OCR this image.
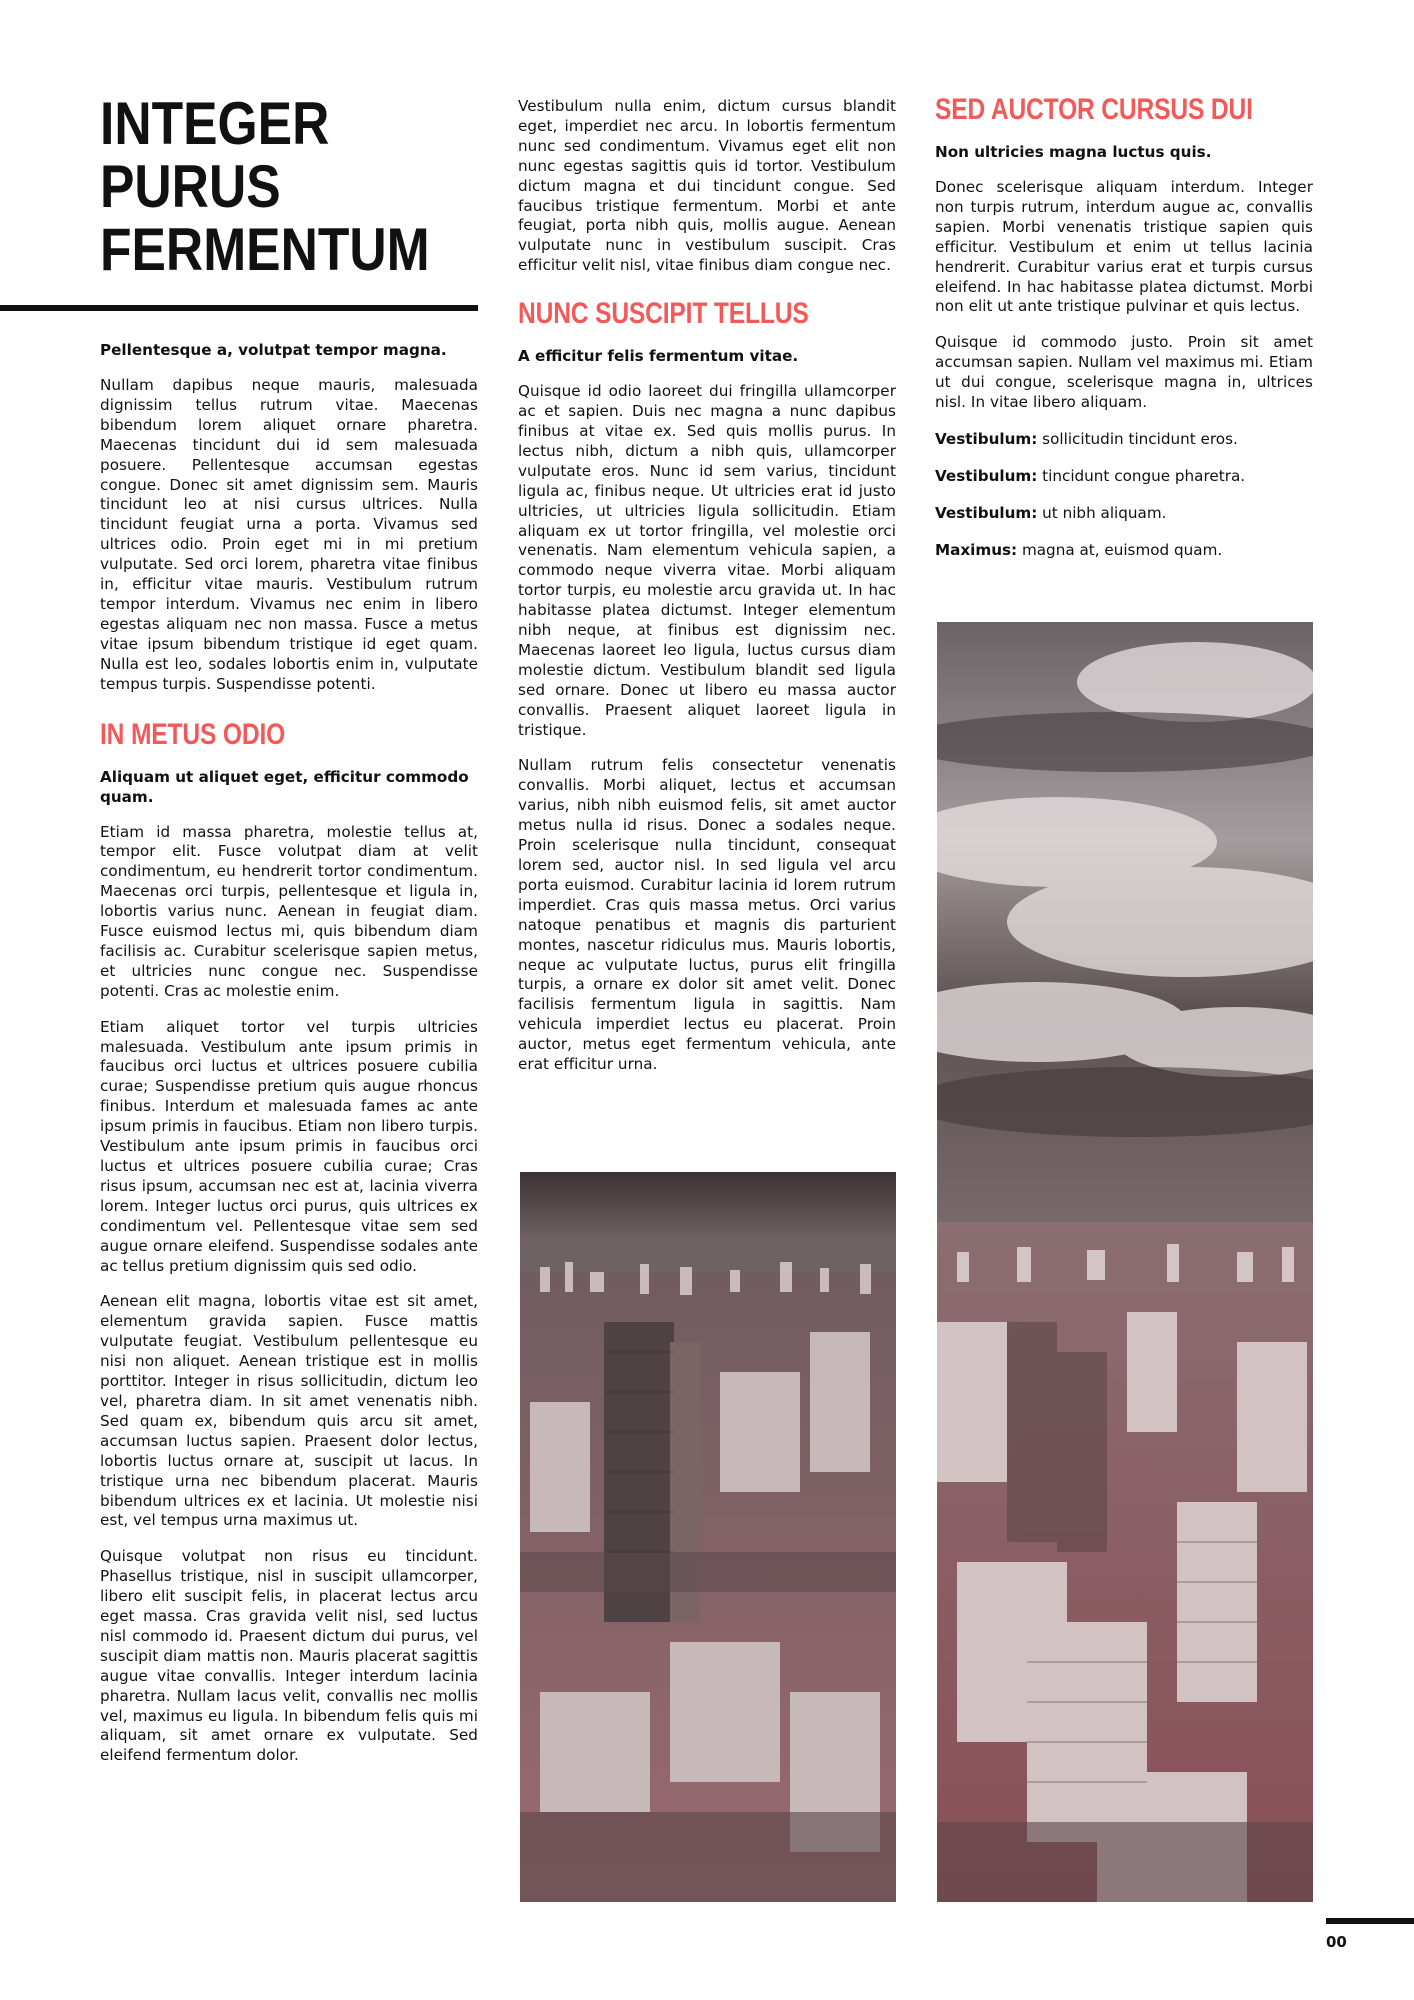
INTEGER
PURUS
FERMENTUM

Pellentesque a, volutpat tempor magna.

Nullam dapibus neque mauris, malesuada dignissim tellus rutrum vitae. Maecenas bibendum lorem aliquet ornare pharetra. Maecenas tincidunt dui id sem malesuada posuere. Pellentesque accumsan egestas congue. Donec sit amet dignissim sem. Mauris tincidunt leo at nisi cursus ultrices. Nulla tincidunt feugiat urna a porta. Vivamus sed ultrices odio. Proin eget mi in mi pretium vulputate. Sed orci lorem, pharetra vitae finibus in, efficitur vitae mauris. Vestibulum rutrum tempor interdum. Vivamus nec enim in libero egestas aliquam nec non massa. Fusce a metus vitae ipsum bibendum tristique id eget quam. Nulla est leo, sodales lobortis enim in, vulputate tempus turpis. Suspendisse potenti.

IN METUS ODIO

Aliquam ut aliquet eget, efficitur commodo quam.

Etiam id massa pharetra, molestie tellus at, tempor elit. Fusce volutpat diam at velit condimentum, eu hendrerit tortor condimentum. Maecenas orci turpis, pellentesque et ligula in, lobortis varius nunc. Aenean in feugiat diam. Fusce euismod lectus mi, quis bibendum diam facilisis ac. Curabitur scelerisque sapien metus, et ultricies nunc congue nec. Suspendisse potenti. Cras ac molestie enim.

Etiam aliquet tortor vel turpis ultricies malesuada. Vestibulum ante ipsum primis in faucibus orci luctus et ultrices posuere cubilia curae; Suspendisse pretium quis augue rhoncus finibus. Interdum et malesuada fames ac ante ipsum primis in faucibus. Etiam non libero turpis. Vestibulum ante ipsum primis in faucibus orci luctus et ultrices posuere cubilia curae; Cras risus ipsum, accumsan nec est at, lacinia viverra lorem. Integer luctus orci purus, quis ultrices ex condimentum vel. Pellentesque vitae sem sed augue ornare eleifend. Suspendisse sodales ante ac tellus pretium dignissim quis sed odio.

Aenean elit magna, lobortis vitae est sit amet, elementum gravida sapien. Fusce mattis vulputate feugiat. Vestibulum pellentesque eu nisi non aliquet. Aenean tristique est in mollis porttitor. Integer in risus sollicitudin, dictum leo vel, pharetra diam. In sit amet venenatis nibh. Sed quam ex, bibendum quis arcu sit amet, accumsan luctus sapien. Praesent dolor lectus, lobortis luctus ornare at, suscipit ut lacus. In tristique urna nec bibendum placerat. Mauris bibendum ultrices ex et lacinia. Ut molestie nisi est, vel tempus urna maximus ut.

Quisque volutpat non risus eu tincidunt. Phasellus tristique, nisl in suscipit ullamcorper, libero elit suscipit felis, in placerat lectus arcu eget massa. Cras gravida velit nisl, sed luctus nisl commodo id. Praesent dictum dui purus, vel suscipit diam mattis non. Mauris placerat sagittis augue vitae convallis. Integer interdum lacinia pharetra. Nullam lacus velit, convallis nec mollis vel, maximus eu ligula. In bibendum felis quis mi aliquam, sit amet ornare ex vulputate. Sed eleifend fermentum dolor.

Vestibulum nulla enim, dictum cursus blandit eget, imperdiet nec arcu. In lobortis fermentum nunc sed condimentum. Vivamus eget elit non nunc egestas sagittis quis id tortor. Vestibulum dictum magna et dui tincidunt congue. Sed faucibus tristique fermentum. Morbi et ante feugiat, porta nibh quis, mollis augue. Aenean vulputate nunc in vestibulum suscipit. Cras efficitur velit nisl, vitae finibus diam congue nec.

NUNC SUSCIPIT TELLUS

A efficitur felis fermentum vitae.

Quisque id odio laoreet dui fringilla ullamcorper ac et sapien. Duis nec magna a nunc dapibus finibus at vitae ex. Sed quis mollis purus. In lectus nibh, dictum a nibh quis, ullamcorper vulputate eros. Nunc id sem varius, tincidunt ligula ac, finibus neque. Ut ultricies erat id justo ultricies, ut ultricies ligula sollicitudin. Etiam aliquam ex ut tortor fringilla, vel molestie orci venenatis. Nam elementum vehicula sapien, a commodo neque viverra vitae. Morbi aliquam tortor turpis, eu molestie arcu gravida ut. In hac habitasse platea dictumst. Integer elementum nibh neque, at finibus est dignissim nec. Maecenas laoreet leo ligula, luctus cursus diam molestie dictum. Vestibulum blandit sed ligula sed ornare. Donec ut libero eu massa auctor convallis. Praesent aliquet laoreet ligula in tristique.

Nullam rutrum felis consectetur venenatis convallis. Morbi aliquet, lectus et accumsan varius, nibh nibh euismod felis, sit amet auctor metus nulla id risus. Donec a sodales neque. Proin scelerisque nulla tincidunt, consequat lorem sed, auctor nisl. In sed ligula vel arcu porta euismod. Curabitur lacinia id lorem rutrum imperdiet. Cras quis massa metus. Orci varius natoque penatibus et magnis dis parturient montes, nascetur ridiculus mus. Mauris lobortis, neque ac vulputate luctus, purus elit fringilla turpis, a ornare ex dolor sit amet velit. Donec facilisis fermentum ligula in sagittis. Nam vehicula imperdiet lectus eu placerat. Proin auctor, metus eget fermentum vehicula, ante erat efficitur urna.

SED AUCTOR CURSUS DUI

Non ultricies magna luctus quis.

Donec scelerisque aliquam interdum. Integer non turpis rutrum, interdum augue ac, convallis sapien. Morbi venenatis tristique sapien quis efficitur. Vestibulum et enim ut tellus lacinia hendrerit. Curabitur varius erat et turpis cursus eleifend. In hac habitasse platea dictumst. Morbi non elit ut ante tristique pulvinar et quis lectus.

Quisque id commodo justo. Proin sit amet accumsan sapien. Nullam vel maximus mi. Etiam ut dui congue, scelerisque magna in, ultrices nisl. In vitae libero aliquam.

Vestibulum: sollicitudin tincidunt eros.

Vestibulum: tincidunt congue pharetra.

Vestibulum: ut nibh aliquam.

Maximus: magna at, euismod quam.

00
